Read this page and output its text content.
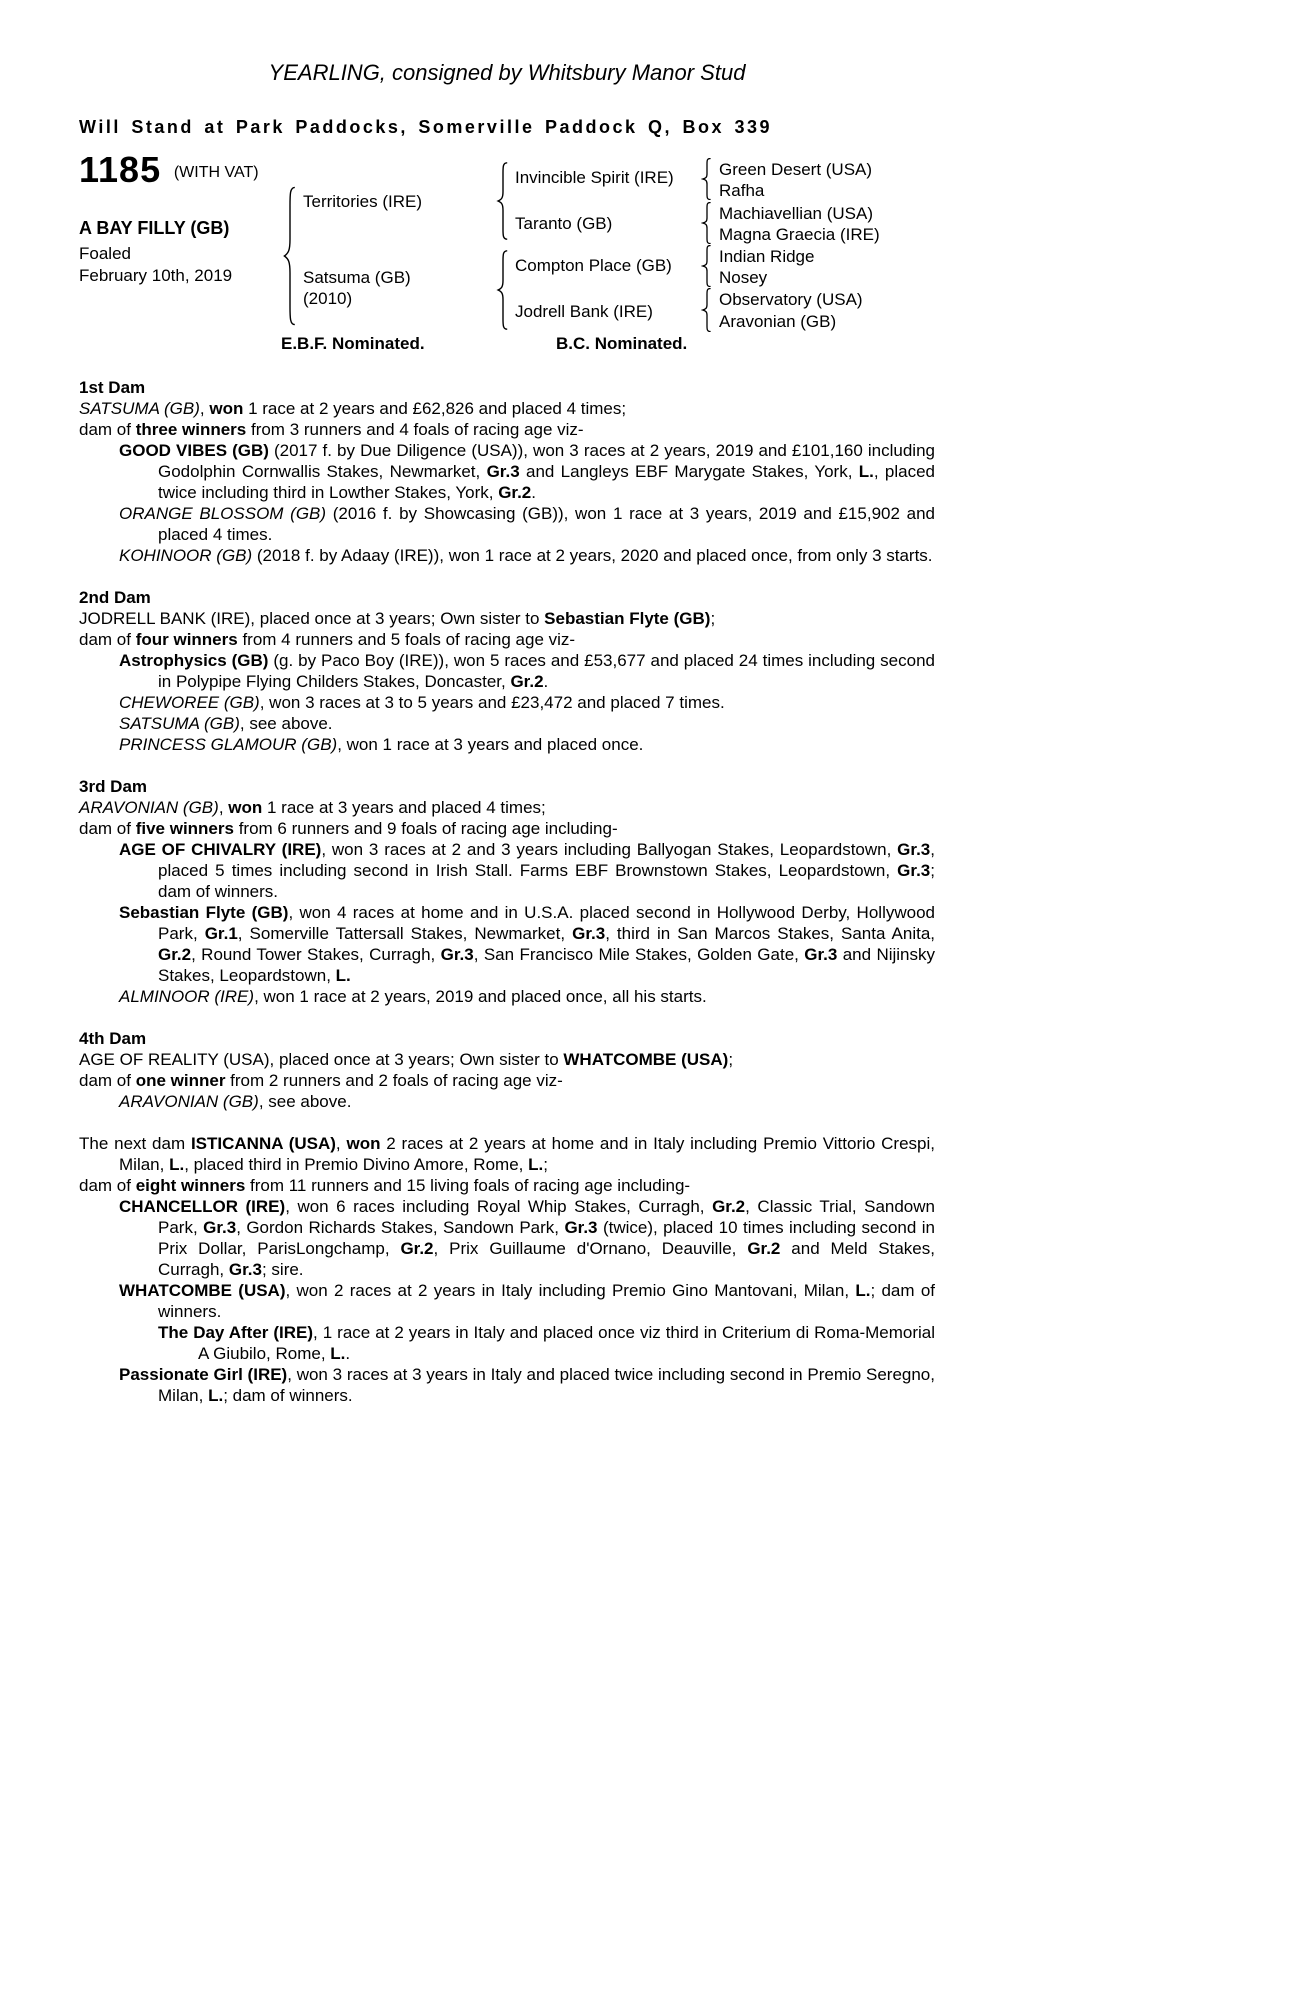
YEARLING, consigned by Whitsbury Manor Stud
Will Stand at Park Paddocks, Somerville Paddock Q, Box 339
1185 (WITH VAT)
A BAY FILLY (GB)
Foaled
February 10th, 2019
Territories (IRE)
Satsuma (GB)
(2010)
Invincible Spirit (IRE)
Taranto (GB)
Compton Place (GB)
Jodrell Bank (IRE)
Green Desert (USA)
Rafha
Machiavellian (USA)
Magna Graecia (IRE)
Indian Ridge
Nosey
Observatory (USA)
Aravonian (GB)
E.B.F. Nominated.	B.C. Nominated.
1st Dam

SATSUMA (GB), won 1 race at 2 years and £62,826 and placed 4 times;

dam of three winners from 3 runners and 4 foals of racing age viz-

GOOD VIBES (GB) (2017 f. by Due Diligence (USA)), won 3 races at 2 years, 2019 and £101,160 including Godolphin Cornwallis Stakes, Newmarket, Gr.3 and Langleys EBF Marygate Stakes, York, L., placed twice including third in Lowther Stakes, York, Gr.2.

ORANGE BLOSSOM (GB) (2016 f. by Showcasing (GB)), won 1 race at 3 years, 2019 and £15,902 and placed 4 times.

KOHINOOR (GB) (2018 f. by Adaay (IRE)), won 1 race at 2 years, 2020 and placed once, from only 3 starts.

2nd Dam

JODRELL BANK (IRE), placed once at 3 years; Own sister to Sebastian Flyte (GB);

dam of four winners from 4 runners and 5 foals of racing age viz-

Astrophysics (GB) (g. by Paco Boy (IRE)), won 5 races and £53,677 and placed 24 times including second in Polypipe Flying Childers Stakes, Doncaster, Gr.2.

CHEWOREE (GB), won 3 races at 3 to 5 years and £23,472 and placed 7 times.

SATSUMA (GB), see above.

PRINCESS GLAMOUR (GB), won 1 race at 3 years and placed once.

3rd Dam

ARAVONIAN (GB), won 1 race at 3 years and placed 4 times;

dam of five winners from 6 runners and 9 foals of racing age including-

AGE OF CHIVALRY (IRE), won 3 races at 2 and 3 years including Ballyogan Stakes, Leopardstown, Gr.3, placed 5 times including second in Irish Stall. Farms EBF Brownstown Stakes, Leopardstown, Gr.3; dam of winners.

Sebastian Flyte (GB), won 4 races at home and in U.S.A. placed second in Hollywood Derby, Hollywood Park, Gr.1, Somerville Tattersall Stakes, Newmarket, Gr.3, third in San Marcos Stakes, Santa Anita, Gr.2, Round Tower Stakes, Curragh, Gr.3, San Francisco Mile Stakes, Golden Gate, Gr.3 and Nijinsky Stakes, Leopardstown, L.

ALMINOOR (IRE), won 1 race at 2 years, 2019 and placed once, all his starts.

4th Dam

AGE OF REALITY (USA), placed once at 3 years; Own sister to WHATCOMBE (USA);

dam of one winner from 2 runners and 2 foals of racing age viz-

ARAVONIAN (GB), see above.

The next dam ISTICANNA (USA), won 2 races at 2 years at home and in Italy including Premio Vittorio Crespi, Milan, L., placed third in Premio Divino Amore, Rome, L.;

dam of eight winners from 11 runners and 15 living foals of racing age including-

CHANCELLOR (IRE), won 6 races including Royal Whip Stakes, Curragh, Gr.2, Classic Trial, Sandown Park, Gr.3, Gordon Richards Stakes, Sandown Park, Gr.3 (twice), placed 10 times including second in Prix Dollar, ParisLongchamp, Gr.2, Prix Guillaume d'Ornano, Deauville, Gr.2 and Meld Stakes, Curragh, Gr.3; sire.

WHATCOMBE (USA), won 2 races at 2 years in Italy including Premio Gino Mantovani, Milan, L.; dam of winners.

The Day After (IRE), 1 race at 2 years in Italy and placed once viz third in Criterium di Roma-Memorial A Giubilo, Rome, L..

Passionate Girl (IRE), won 3 races at 3 years in Italy and placed twice including second in Premio Seregno, Milan, L.; dam of winners.
